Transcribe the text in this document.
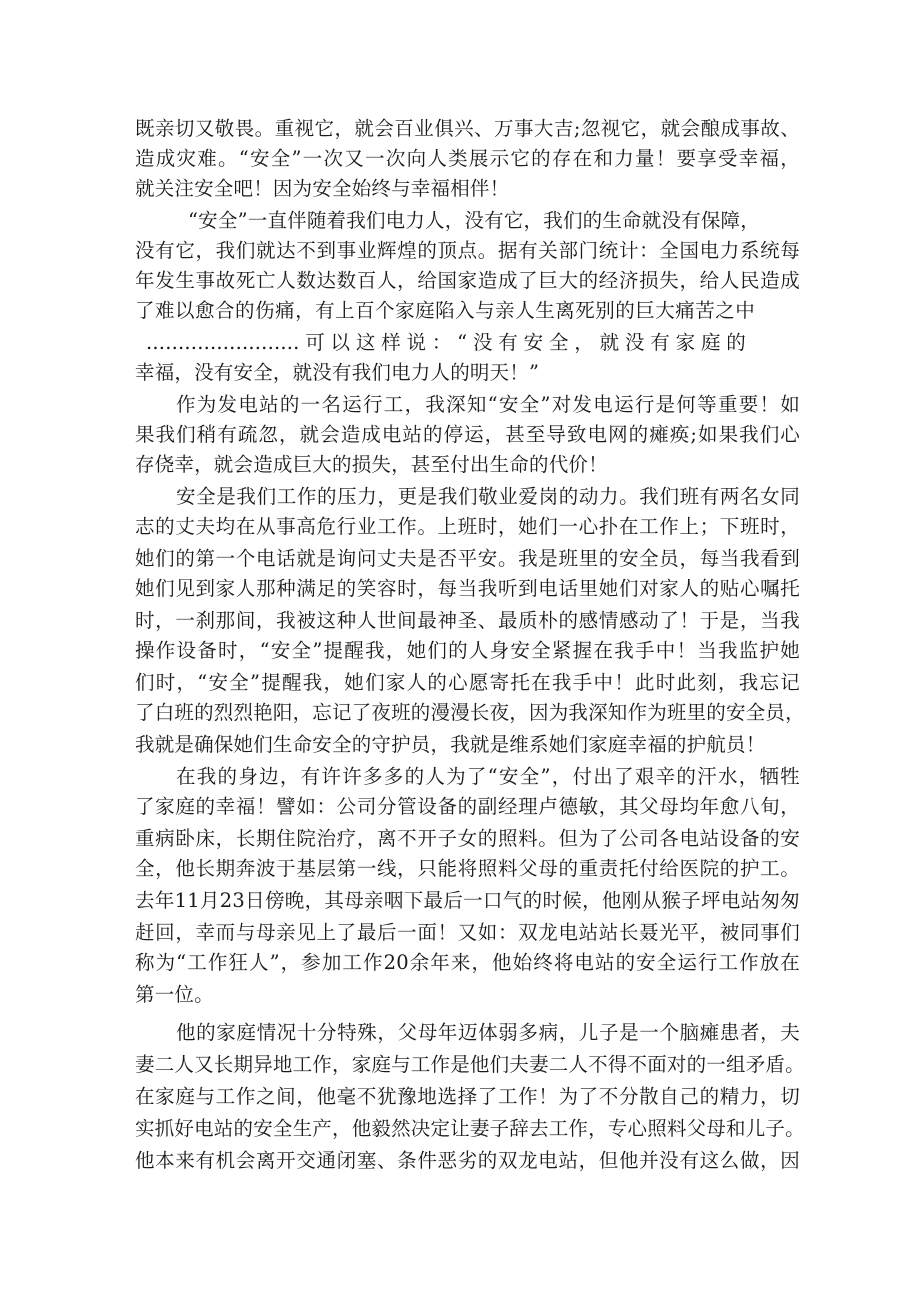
既亲切又敬畏。重视它，就会百业俱兴、万事大吉;忽视它，就会酿成事故、
造成灾难。“安全”一次又一次向人类展示它的存在和力量！要享受幸福，
就关注安全吧！因为安全始终与幸福相伴！
“安全”一直伴随着我们电力人，没有它，我们的生命就没有保障，
没有它，我们就达不到事业辉煌的顶点。据有关部门统计：全国电力系统每
年发生事故死亡人数达数百人，给国家造成了巨大的经济损失，给人民造成
了难以愈合的伤痛，有上百个家庭陷入与亲人生离死别的巨大痛苦之中
........................可以这样说：“没有安全，就没有家庭的
幸福，没有安全，就没有我们电力人的明天！”
作为发电站的一名运行工，我深知“安全”对发电运行是何等重要！如
果我们稍有疏忽，就会造成电站的停运，甚至导致电网的瘫痪;如果我们心
存侥幸，就会造成巨大的损失，甚至付出生命的代价！
安全是我们工作的压力，更是我们敬业爱岗的动力。我们班有两名女同
志的丈夫均在从事高危行业工作。上班时，她们一心扑在工作上；下班时，
她们的第一个电话就是询问丈夫是否平安。我是班里的安全员，每当我看到
她们见到家人那种满足的笑容时，每当我听到电话里她们对家人的贴心嘱托
时，一刹那间，我被这种人世间最神圣、最质朴的感情感动了！于是，当我
操作设备时，“安全”提醒我，她们的人身安全紧握在我手中！当我监护她
们时，“安全”提醒我，她们家人的心愿寄托在我手中！此时此刻，我忘记
了白班的烈烈艳阳，忘记了夜班的漫漫长夜，因为我深知作为班里的安全员，
我就是确保她们生命安全的守护员，我就是维系她们家庭幸福的护航员！
在我的身边，有许许多多的人为了“安全”，付出了艰辛的汗水，牺牲
了家庭的幸福！譬如：公司分管设备的副经理卢德敏，其父母均年愈八旬，
重病卧床，长期住院治疗，离不开子女的照料。但为了公司各电站设备的安
全，他长期奔波于基层第一线，只能将照料父母的重责托付给医院的护工。
去年11月23日傍晚，其母亲咽下最后一口气的时候，他刚从猴子坪电站匆匆
赶回，幸而与母亲见上了最后一面！又如：双龙电站站长聂光平，被同事们
称为“工作狂人”，参加工作20余年来，他始终将电站的安全运行工作放在
第一位。
他的家庭情况十分特殊，父母年迈体弱多病，儿子是一个脑瘫患者，夫
妻二人又长期异地工作，家庭与工作是他们夫妻二人不得不面对的一组矛盾。
在家庭与工作之间，他毫不犹豫地选择了工作！为了不分散自己的精力，切
实抓好电站的安全生产，他毅然决定让妻子辞去工作，专心照料父母和儿子。
他本来有机会离开交通闭塞、条件恶劣的双龙电站，但他并没有这么做，因
